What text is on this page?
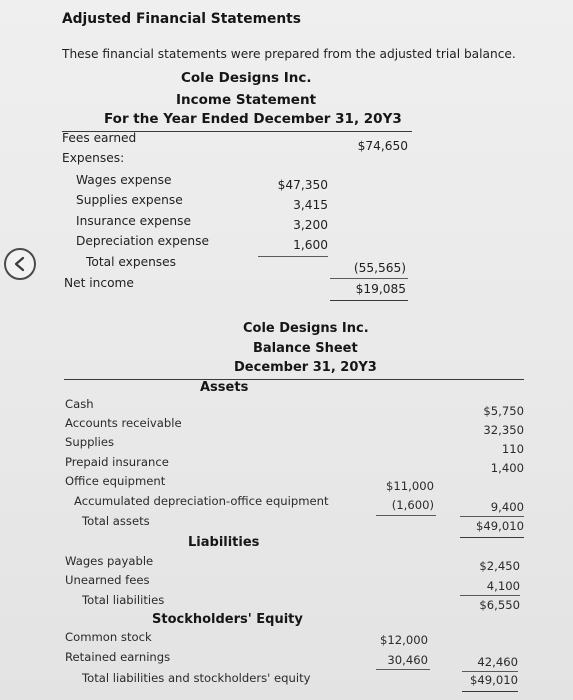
Adjusted Financial Statements
These financial statements were prepared from the adjusted trial balance.
Cole Designs Inc.
Income Statement
For the Year Ended December 31, 20Y3
Fees earned
$74,650
Expenses:
Wages expense	$47,350
Supplies expense	3,415
Insurance expense	3,200
Depreciation expense	1,600
Total expenses	(55,565)
Net income	$19,085
Cole Designs Inc.
Balance Sheet
December 31, 20Y3
Assets
Cash	$5,750
Accounts receivable	32,350
Supplies	110
Prepaid insurance	1,400
Office equipment	$11,000
Accumulated depreciation-office equipment	(1,600)	9,400
Total assets	$49,010
Liabilities
Wages payable	$2,450
Unearned fees	4,100
Total liabilities	$6,550
Stockholders' Equity
Common stock	$12,000
Retained earnings	30,460	42,460
Total liabilities and stockholders' equity	$49,010
